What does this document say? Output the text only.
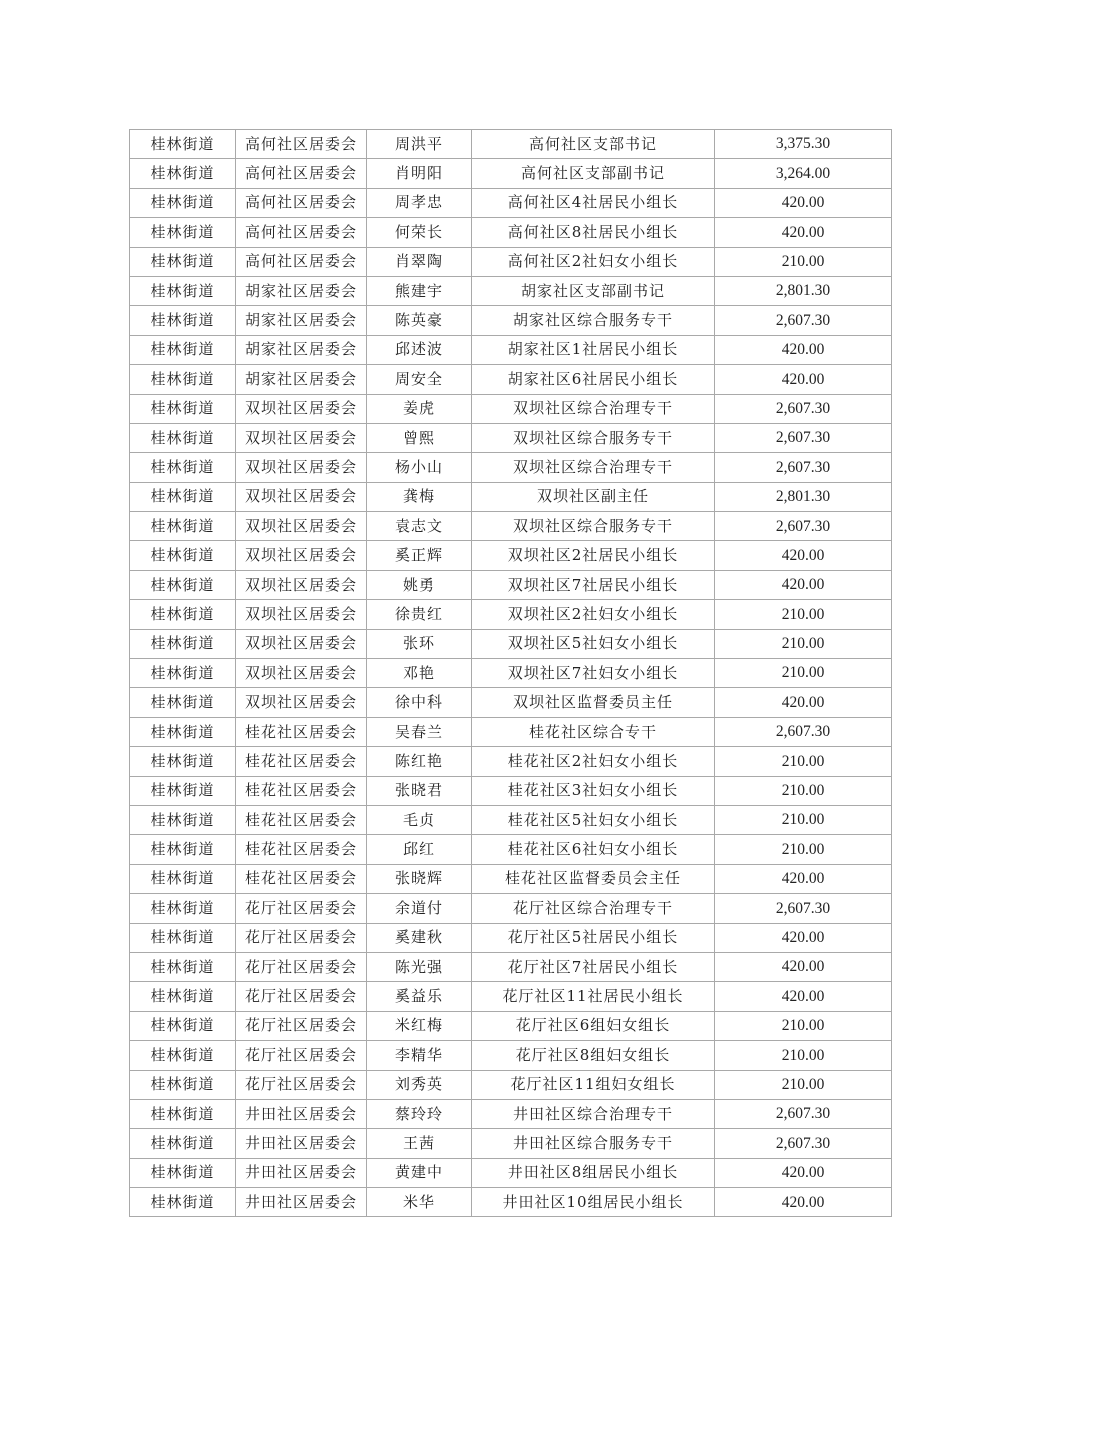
桂林街道	高何社区居委会	周洪平	高何社区支部书记	3,375.30
桂林街道	高何社区居委会	肖明阳	高何社区支部副书记	3,264.00
桂林街道	高何社区居委会	周孝忠	高何社区4社居民小组长	420.00
桂林街道	高何社区居委会	何荣长	高何社区8社居民小组长	420.00
桂林街道	高何社区居委会	肖翠陶	高何社区2社妇女小组长	210.00
桂林街道	胡家社区居委会	熊建宇	胡家社区支部副书记	2,801.30
桂林街道	胡家社区居委会	陈英豪	胡家社区综合服务专干	2,607.30
桂林街道	胡家社区居委会	邱述波	胡家社区1社居民小组长	420.00
桂林街道	胡家社区居委会	周安全	胡家社区6社居民小组长	420.00
桂林街道	双坝社区居委会	姜虎	双坝社区综合治理专干	2,607.30
桂林街道	双坝社区居委会	曾熙	双坝社区综合服务专干	2,607.30
桂林街道	双坝社区居委会	杨小山	双坝社区综合治理专干	2,607.30
桂林街道	双坝社区居委会	龚梅	双坝社区副主任	2,801.30
桂林街道	双坝社区居委会	袁志文	双坝社区综合服务专干	2,607.30
桂林街道	双坝社区居委会	奚正辉	双坝社区2社居民小组长	420.00
桂林街道	双坝社区居委会	姚勇	双坝社区7社居民小组长	420.00
桂林街道	双坝社区居委会	徐贵红	双坝社区2社妇女小组长	210.00
桂林街道	双坝社区居委会	张环	双坝社区5社妇女小组长	210.00
桂林街道	双坝社区居委会	邓艳	双坝社区7社妇女小组长	210.00
桂林街道	双坝社区居委会	徐中科	双坝社区监督委员主任	420.00
桂林街道	桂花社区居委会	吴春兰	桂花社区综合专干	2,607.30
桂林街道	桂花社区居委会	陈红艳	桂花社区2社妇女小组长	210.00
桂林街道	桂花社区居委会	张晓君	桂花社区3社妇女小组长	210.00
桂林街道	桂花社区居委会	毛贞	桂花社区5社妇女小组长	210.00
桂林街道	桂花社区居委会	邱红	桂花社区6社妇女小组长	210.00
桂林街道	桂花社区居委会	张晓辉	桂花社区监督委员会主任	420.00
桂林街道	花厅社区居委会	余道付	花厅社区综合治理专干	2,607.30
桂林街道	花厅社区居委会	奚建秋	花厅社区5社居民小组长	420.00
桂林街道	花厅社区居委会	陈光强	花厅社区7社居民小组长	420.00
桂林街道	花厅社区居委会	奚益乐	花厅社区11社居民小组长	420.00
桂林街道	花厅社区居委会	米红梅	花厅社区6组妇女组长	210.00
桂林街道	花厅社区居委会	李精华	花厅社区8组妇女组长	210.00
桂林街道	花厅社区居委会	刘秀英	花厅社区11组妇女组长	210.00
桂林街道	井田社区居委会	蔡玲玲	井田社区综合治理专干	2,607.30
桂林街道	井田社区居委会	王茜	井田社区综合服务专干	2,607.30
桂林街道	井田社区居委会	黄建中	井田社区8组居民小组长	420.00
桂林街道	井田社区居委会	米华	井田社区10组居民小组长	420.00
